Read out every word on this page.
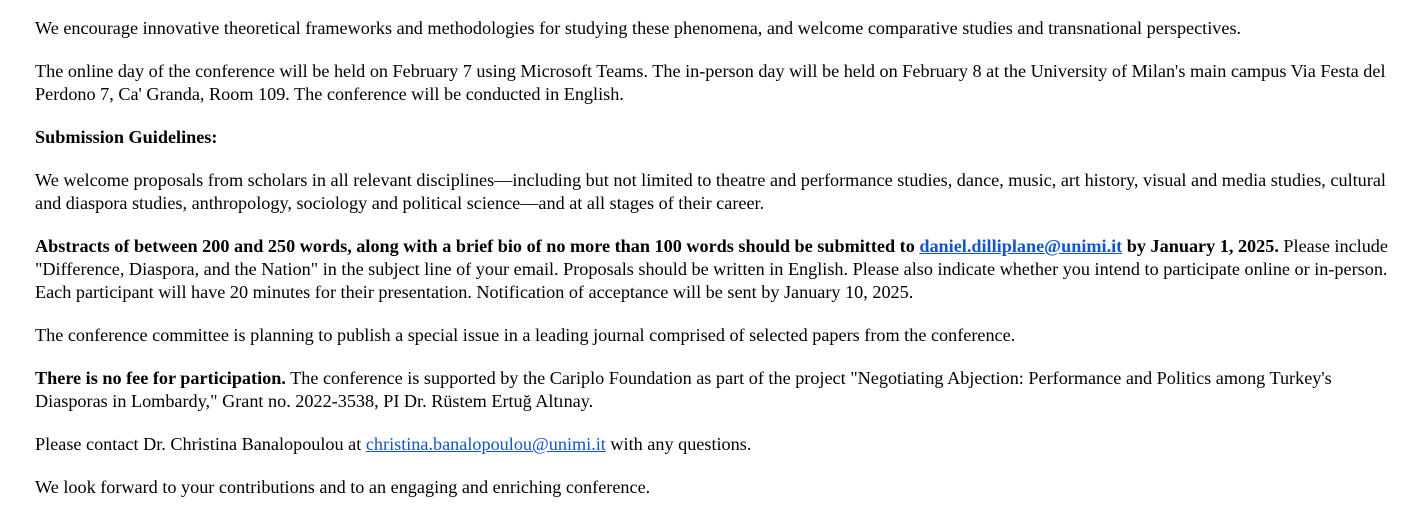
We encourage innovative theoretical frameworks and methodologies for studying these phenomena, and welcome comparative studies and transnational perspectives.

The online day of the conference will be held on February 7 using Microsoft Teams. The in-person day will be held on February 8 at the University of Milan's main campus Via Festa del Perdono 7, Ca' Granda, Room 109. The conference will be conducted in English.

Submission Guidelines:

We welcome proposals from scholars in all relevant disciplines—including but not limited to theatre and performance studies, dance, music, art history, visual and media studies, cultural and diaspora studies, anthropology, sociology and political science—and at all stages of their career.

Abstracts of between 200 and 250 words, along with a brief bio of no more than 100 words should be submitted to daniel.dilliplane@unimi.it by January 1, 2025. Please include "Difference, Diaspora, and the Nation" in the subject line of your email. Proposals should be written in English. Please also indicate whether you intend to participate online or in-person. Each participant will have 20 minutes for their presentation. Notification of acceptance will be sent by January 10, 2025.

The conference committee is planning to publish a special issue in a leading journal comprised of selected papers from the conference.

There is no fee for participation. The conference is supported by the Cariplo Foundation as part of the project "Negotiating Abjection: Performance and Politics among Turkey's Diasporas in Lombardy," Grant no. 2022-3538, PI Dr. Rüstem Ertuğ Altınay.

Please contact Dr. Christina Banalopoulou at christina.banalopoulou@unimi.it with any questions.

We look forward to your contributions and to an engaging and enriching conference.
